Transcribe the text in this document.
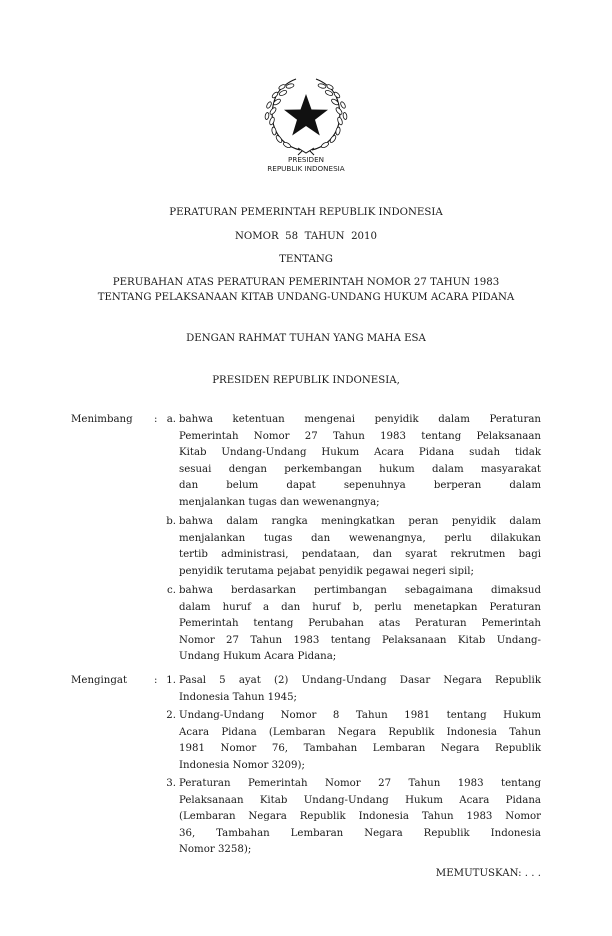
PRESIDEN
REPUBLIK INDONESIA
PERATURAN PEMERINTAH REPUBLIK INDONESIA
NOMOR  58  TAHUN  2010
TENTANG
PERUBAHAN ATAS PERATURAN PEMERINTAH NOMOR 27 TAHUN 1983
TENTANG PELAKSANAAN KITAB UNDANG-UNDANG HUKUM ACARA PIDANA
DENGAN RAHMAT TUHAN YANG MAHA ESA
PRESIDEN REPUBLIK INDONESIA,
Menimbang : a. bahwa ketentuan mengenai penyidik dalam Peraturan
Pemerintah Nomor 27 Tahun 1983 tentang Pelaksanaan
Kitab Undang-Undang Hukum Acara Pidana sudah tidak
sesuai dengan perkembangan hukum dalam masyarakat
dan belum dapat sepenuhnya berperan dalam
menjalankan tugas dan wewenangnya;
b. bahwa dalam rangka meningkatkan peran penyidik dalam
menjalankan tugas dan wewenangnya, perlu dilakukan
tertib administrasi, pendataan, dan syarat rekrutmen bagi
penyidik terutama pejabat penyidik pegawai negeri sipil;
c. bahwa berdasarkan pertimbangan sebagaimana dimaksud
dalam huruf a dan huruf b, perlu menetapkan Peraturan
Pemerintah tentang Perubahan atas Peraturan Pemerintah
Nomor 27 Tahun 1983 tentang Pelaksanaan Kitab Undang-
Undang Hukum Acara Pidana;
Mengingat	: 1. Pasal 5 ayat (2) Undang-Undang Dasar Negara Republik
Indonesia Tahun 1945;
2. Undang-Undang Nomor 8 Tahun 1981 tentang Hukum
Acara Pidana (Lembaran Negara Republik Indonesia Tahun
1981 Nomor 76, Tambahan Lembaran Negara Republik
Indonesia Nomor 3209);
3. Peraturan Pemerintah Nomor 27 Tahun 1983 tentang
Pelaksanaan Kitab Undang-Undang Hukum Acara Pidana
(Lembaran Negara Republik Indonesia Tahun 1983 Nomor
36, Tambahan Lembaran Negara Republik Indonesia
Nomor 3258);
MEMUTUSKAN: . . .
